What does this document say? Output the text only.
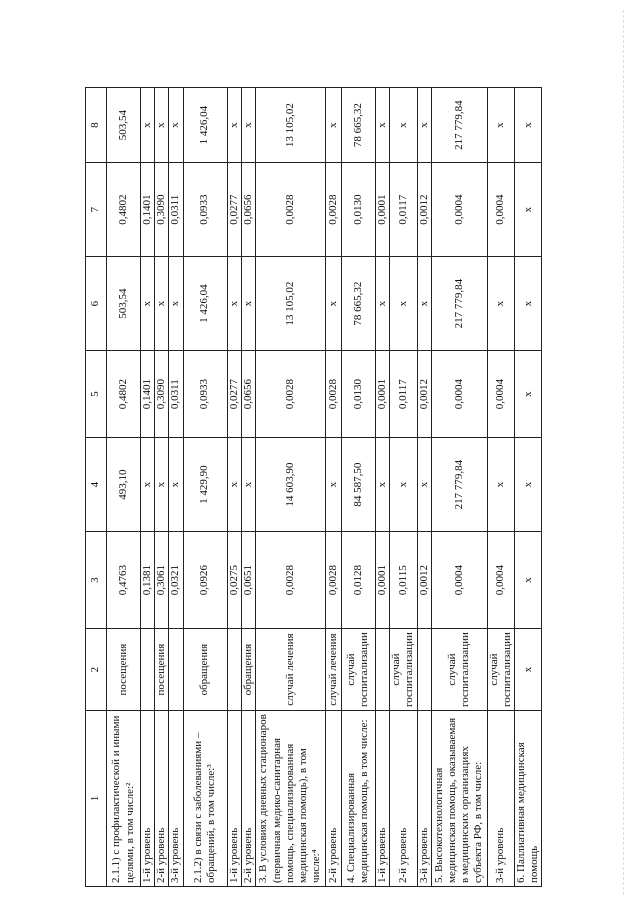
1	2	3	4	5	6	7	8
2.1.1) с профилактической и иными целями, в том числе:²	посещения	0,4763	493,10	0,4802	503,54	0,4802	503,54
1-й уровень		0,1381	x	0,1401	x	0,1401	x
2-й уровень	посещения	0,3061	x	0,3090	x	0,3090	x
3-й уровень		0,0321	x	0,0311	x	0,0311	x
2.1.2) в связи с заболеваниями – обращений, в том числе:³	обращения	0,0926	1 429,90	0,0933	1 426,04	0,0933	1 426,04
1-й уровень		0,0275	x	0,0277	x	0,0277	x
2-й уровень	обращения	0,0651	x	0,0656	x	0,0656	x
3. В условиях дневных стационаров (первичная медико-санитарная помощь, специализированная медицинская помощь), в том числе:⁴	случай лечения	0,0028	14 603,90	0,0028	13 105,02	0,0028	13 105,02
2-й уровень	случай лечения	0,0028	x	0,0028	x	0,0028	x
4. Специализированная медицинская помощь, в том числе:	случай госпитализации	0,0128	84 587,50	0,0130	78 665,32	0,0130	78 665,32
1-й уровень		0,0001	x	0,0001	x	0,0001	x
2-й уровень	случай госпитализации	0,0115	x	0,0117	x	0,0117	x
3-й уровень		0,0012	x	0,0012	x	0,0012	x
5. Высокотехнологичная медицинская помощь, оказываемая в медицинских организациях субъекта РФ, в том числе:	случай госпитализации	0,0004	217 779,84	0,0004	217 779,84	0,0004	217 779,84
3-й уровень	случай госпитализации	0,0004	x	0,0004	x	0,0004	x
6. Паллиативная медицинская помощь	x	x	x	x	x	x	x
